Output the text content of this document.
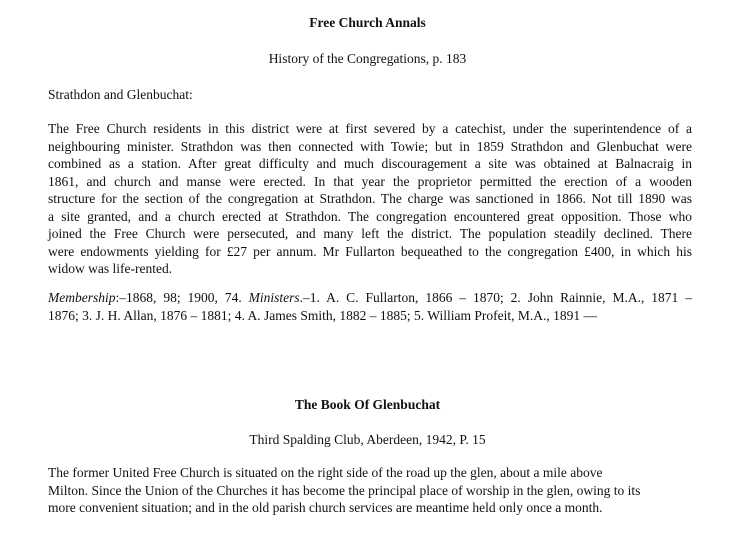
Free Church Annals
History of the Congregations, p. 183
Strathdon and Glenbuchat:
The Free Church residents in this district were at first severed by a catechist, under the superintendence of a
neighbouring minister. Strathdon was then connected with Towie; but in 1859 Strathdon and Glenbuchat were
combined as a station. After great difficulty and much discouragement a site was obtained at Balnacraig in
1861, and church and manse were erected. In that year the proprietor permitted the erection of a wooden
structure for the section of the congregation at Strathdon. The charge was sanctioned in 1866. Not till 1890 was
a site granted, and a church erected at Strathdon. The congregation encountered great opposition. Those who
joined the Free Church were persecuted, and many left the district. The population steadily declined. There
were endowments yielding for £27 per annum. Mr Fullarton bequeathed to the congregation £400, in which his
widow was life-rented.
Membership:–1868, 98; 1900, 74. Ministers.–1. A. C. Fullarton, 1866 – 1870; 2. John Rainnie, M.A., 1871 –
1876; 3. J. H. Allan, 1876 – 1881; 4. A. James Smith, 1882 – 1885; 5. William Profeit, M.A., 1891 —
The Book Of Glenbuchat
Third Spalding Club, Aberdeen, 1942, P. 15
The former United Free Church is situated on the right side of the road up the glen, about a mile above
Milton. Since the Union of the Churches it has become the principal place of worship in the glen, owing to its
more convenient situation; and in the old parish church services are meantime held only once a month.
